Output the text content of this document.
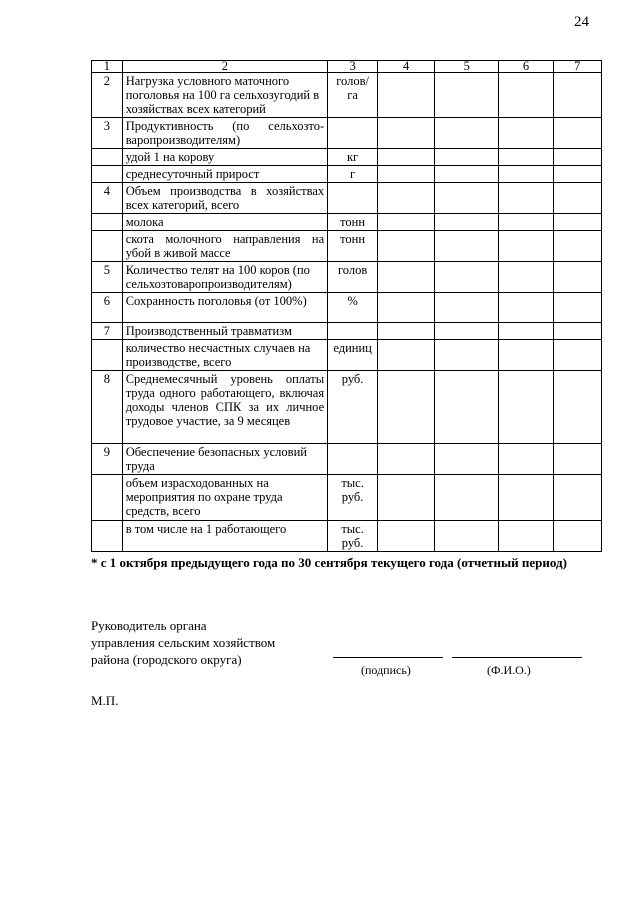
24
1	2	3	4	5	6	7
2	Нагрузка условного маточного поголовья на 100 га сельхозугодий в хозяйствах всех категорий	голов/ га				
3	Продуктивность (по сельхозто-варопроизводителям)					
	удой 1 на корову	кг				
	среднесуточный прирост	г				
4	Объем производства в хозяйствах всех категорий, всего					
	молока	тонн				
	скота молочного направления на убой в живой массе	тонн				
5	Количество телят на 100 коров (по сельхозтоваропроизводителям)	голов				
6	Сохранность поголовья (от 100%)	%				
7	Производственный травматизм					
	количество несчастных случаев на производстве, всего	единиц				
8	Среднемесячный уровень оплаты труда одного работающего, включая доходы членов СПК за их личное трудовое участие, за 9 месяцев	руб.				
9	Обеспечение безопасных условий труда					
	объем израсходованных на мероприятия по охране труда средств, всего	тыс. руб.				
	в том числе на 1 работающего	тыс. руб.				
* с 1 октября предыдущего года по 30 сентября текущего года (отчетный период)
Руководитель органа
управления сельским хозяйством
района (городского округа)
(подпись)	(Ф.И.О.)
М.П.
